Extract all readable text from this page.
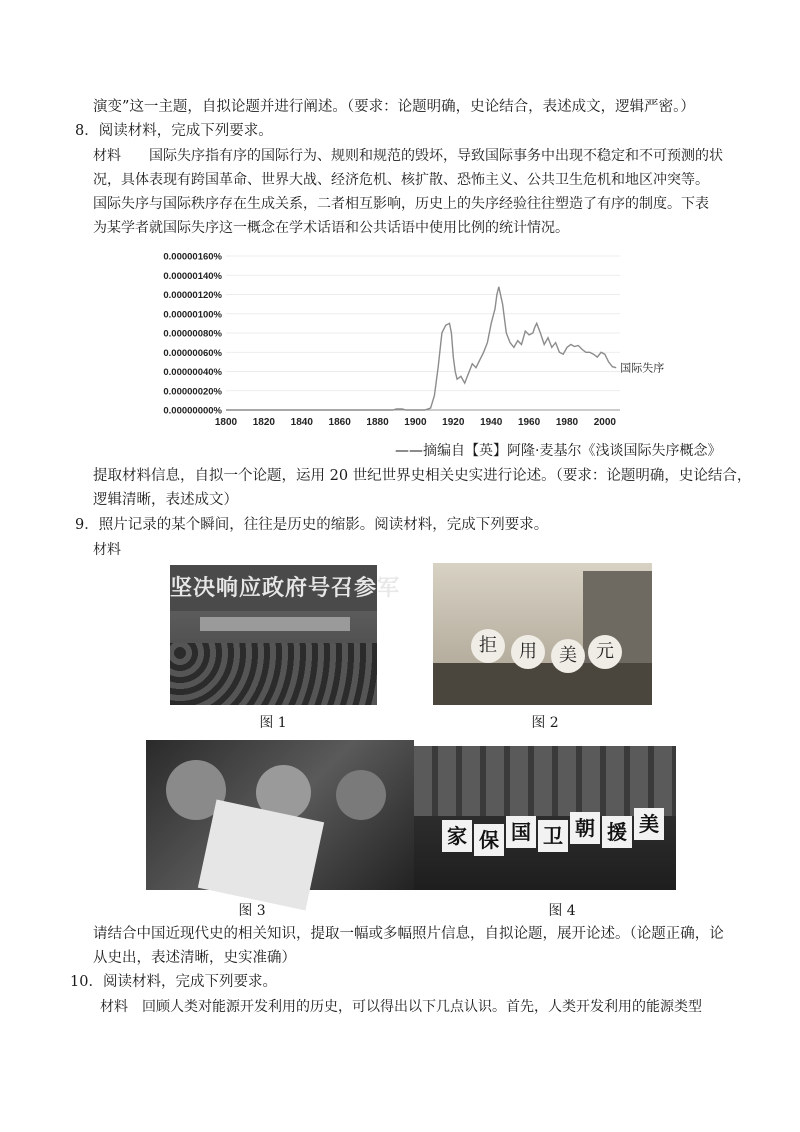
演变”这一主题，自拟论题并进行阐述。（要求：论题明确，史论结合，表述成文，逻辑严密。）
8．阅读材料，完成下列要求。
材料　　国际失序指有序的国际行为、规则和规范的毁坏，导致国际事务中出现不稳定和不可预测的状
况，具体表现有跨国革命、世界大战、经济危机、核扩散、恐怖主义、公共卫生危机和地区冲突等。
国际失序与国际秩序存在生成关系，二者相互影响，历史上的失序经验往往塑造了有序的制度。下表
为某学者就国际失序这一概念在学术话语和公共话语中使用比例的统计情况。
0.00000000%
0.00000020%
0.00000040%
0.00000060%
0.00000080%
0.00000100%
0.00000120%
0.00000140%
0.00000160%
1800 1820 1840 1860 1880 1900 1920 1940 1960 1980 2000
国际失序
——摘编自【英】阿隆·麦基尔《浅谈国际失序概念》
提取材料信息，自拟一个论题，运用 20 世纪世界史相关史实进行论述。（要求：论题明确，史论结合，
逻辑清晰，表述成文）
9．照片记录的某个瞬间，往往是历史的缩影。阅读材料，完成下列要求。
材料
坚决响应政府号召参军
图 1
拒	用	美	元
图 2
图 3
家 保 国 卫 朝 援 美
图 4
请结合中国近现代史的相关知识，提取一幅或多幅照片信息，自拟论题，展开论述。（论题正确，论
从史出，表述清晰，史实准确）
10．阅读材料，完成下列要求。
材料　回顾人类对能源开发利用的历史，可以得出以下几点认识。首先，人类开发利用的能源类型
